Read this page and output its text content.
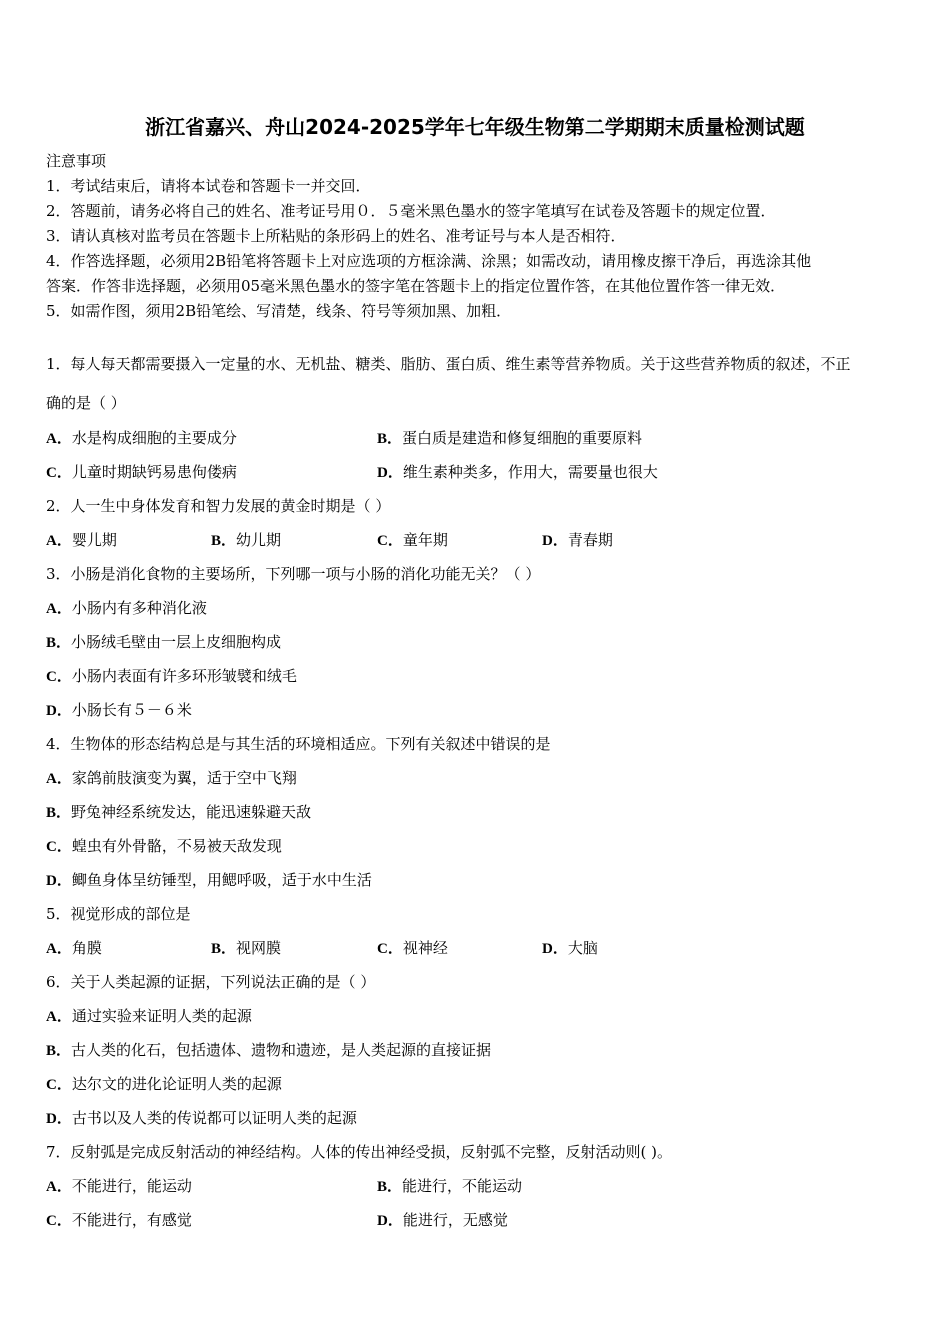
浙江省嘉兴、舟山2024-2025学年七年级生物第二学期期末质量检测试题
注意事项
1．考试结束后，请将本试卷和答题卡一并交回．
2．答题前，请务必将自己的姓名、准考证号用０．５毫米黑色墨水的签字笔填写在试卷及答题卡的规定位置．
3．请认真核对监考员在答题卡上所粘贴的条形码上的姓名、准考证号与本人是否相符．
4．作答选择题，必须用2B铅笔将答题卡上对应选项的方框涂满、涂黑；如需改动，请用橡皮擦干净后，再选涂其他
答案．作答非选择题，必须用05毫米黑色墨水的签字笔在答题卡上的指定位置作答，在其他位置作答一律无效．
5．如需作图，须用2B铅笔绘、写清楚，线条、符号等须加黑、加粗．
1．每人每天都需要摄入一定量的水、无机盐、糖类、脂肪、蛋白质、维生素等营养物质。关于这些营养物质的叙述，不正
确的是（ ）
A．水是构成细胞的主要成分	B．蛋白质是建造和修复细胞的重要原料
C．儿童时期缺钙易患佝偻病	D．维生素种类多，作用大，需要量也很大
2．人一生中身体发育和智力发展的黄金时期是（ ）
A．婴儿期	B．幼儿期	C．童年期	D．青春期
3．小肠是消化食物的主要场所，下列哪一项与小肠的消化功能无关？（ ）
A．小肠内有多种消化液
B．小肠绒毛壁由一层上皮细胞构成
C．小肠内表面有许多环形皱襞和绒毛
D．小肠长有５－６米
4．生物体的形态结构总是与其生活的环境相适应。下列有关叙述中错误的是
A．家鸽前肢演变为翼，适于空中飞翔
B．野兔神经系统发达，能迅速躲避天敌
C．蝗虫有外骨骼，不易被天敌发现
D．鲫鱼身体呈纺锤型，用鳃呼吸，适于水中生活
5．视觉形成的部位是
A．角膜	B．视网膜	C．视神经	D．大脑
6．关于人类起源的证据，下列说法正确的是（ ）
A．通过实验来证明人类的起源
B．古人类的化石，包括遗体、遗物和遗迹，是人类起源的直接证据
C．达尔文的进化论证明人类的起源
D．古书以及人类的传说都可以证明人类的起源
7．反射弧是完成反射活动的神经结构。人体的传出神经受损，反射弧不完整，反射活动则( )。
A．不能进行，能运动	B．能进行，不能运动
C．不能进行，有感觉	D．能进行，无感觉
